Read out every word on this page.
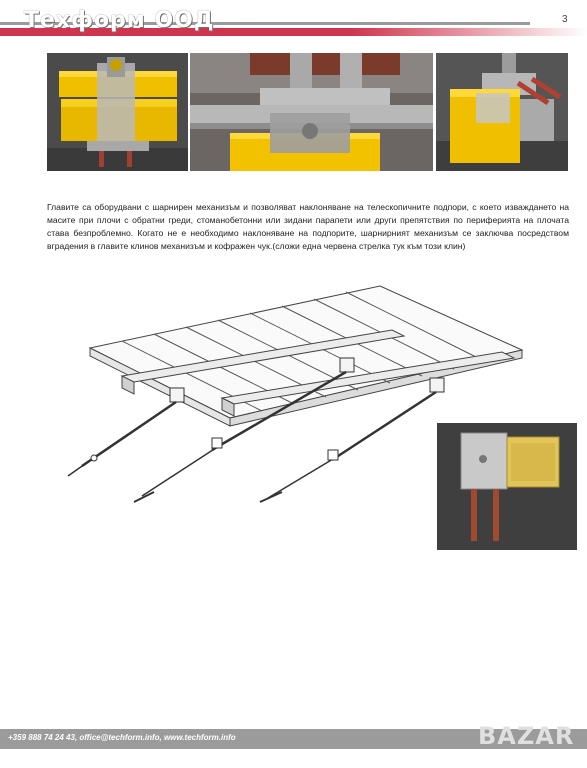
Техформ ООД	3
Главите са оборудвани с шарнирен механизъм и позволяват наклоняване на телескопичните подпори, с което изваждането на масите при плочи с обратни греди, стоманобетонни или зидани парапети или други препятствия по периферията на плочата става безпроблемно. Когато не е необходимо наклоняване на подпорите, шарнирният механизъм се заключва посредством вградения в главите клинов механизъм и кофражен чук.(сложи една червена стрелка тук към този клин)
+359 888 74 24 43, office@techform.info, www.techform.info	BAZAR
